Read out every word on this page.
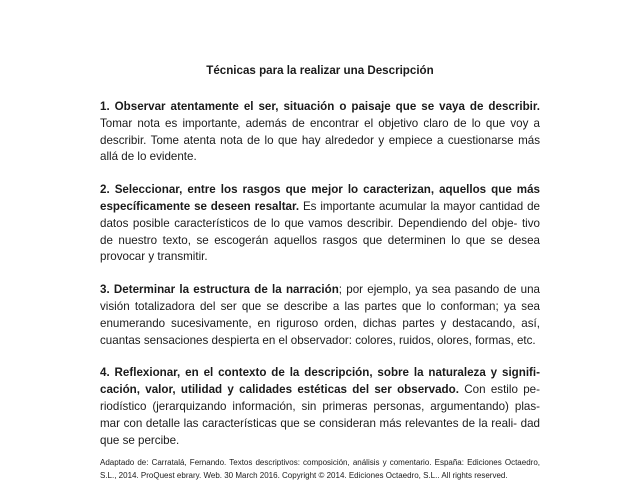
Técnicas para la realizar una Descripción

1. Observar atentamente el ser, situación o paisaje que se vaya de describir. Tomar nota es importante, además de encontrar el objetivo claro de lo que voy a describir. Tome atenta nota de lo que hay alrededor y empiece a cuestionarse más allá de lo evidente.

2. Seleccionar, entre los rasgos que mejor lo caracterizan, aquellos que más específicamente se deseen resaltar. Es importante acumular la mayor cantidad de datos posible característicos de lo que vamos describir. Dependiendo del obje- tivo de nuestro texto, se escogerán aquellos rasgos que determinen lo que se desea provocar y transmitir.

3. Determinar la estructura de la narración; por ejemplo, ya sea pasando de una visión totalizadora del ser que se describe a las partes que lo conforman; ya sea enumerando sucesivamente, en riguroso orden, dichas partes y destacando, así, cuantas sensaciones despierta en el observador: colores, ruidos, olores, formas, etc.

4. Reflexionar, en el contexto de la descripción, sobre la naturaleza y signifi- cación, valor, utilidad y calidades estéticas del ser observado. Con estilo pe- riodístico (jerarquizando información, sin primeras personas, argumentando) plas- mar con detalle las características que se consideran más relevantes de la reali- dad que se percibe.

Adaptado de: Carratalá, Fernando. Textos descriptivos: composición, análisis y comentario. España: Ediciones Octaedro, S.L., 2014. ProQuest ebrary. Web. 30 March 2016. Copyright © 2014. Ediciones Octaedro, S.L.. All rights reserved.
